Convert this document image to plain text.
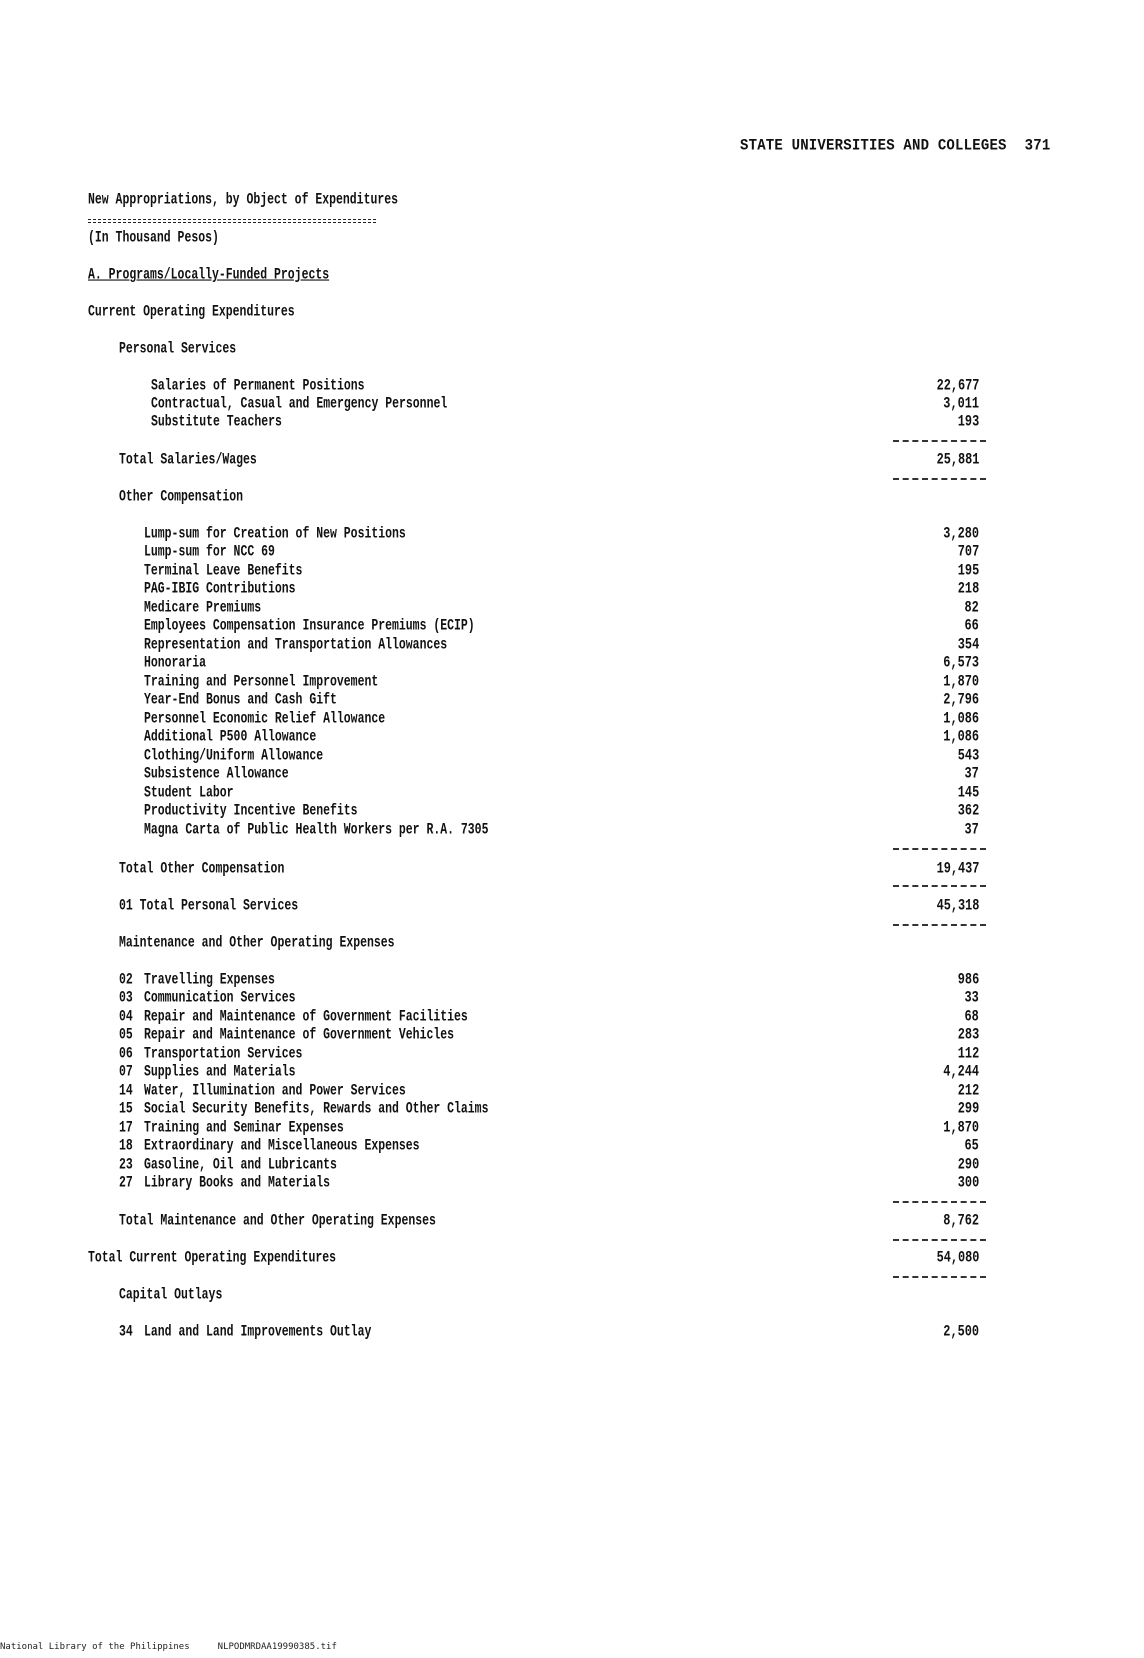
STATE UNIVERSITIES AND COLLEGES 371
New Appropriations, by Object of Expenditures
(In Thousand Pesos)
A. Programs/Locally-Funded Projects
Current Operating Expenditures
Personal Services
Salaries of Permanent Positions	22,677
Contractual, Casual and Emergency Personnel	3,011
Substitute Teachers	193
Total Salaries/Wages	25,881
Other Compensation
Lump-sum for Creation of New Positions	3,280
Lump-sum for NCC 69	707
Terminal Leave Benefits	195
PAG-IBIG Contributions	218
Medicare Premiums	82
Employees Compensation Insurance Premiums (ECIP)	66
Representation and Transportation Allowances	354
Honoraria	6,573
Training and Personnel Improvement	1,870
Year-End Bonus and Cash Gift	2,796
Personnel Economic Relief Allowance	1,086
Additional P500 Allowance	1,086
Clothing/Uniform Allowance	543
Subsistence Allowance	37
Student Labor	145
Productivity Incentive Benefits	362
Magna Carta of Public Health Workers per R.A. 7305	37
Total Other Compensation	19,437
01 Total Personal Services	45,318
Maintenance and Other Operating Expenses
02 Travelling Expenses	986
03 Communication Services	33
04 Repair and Maintenance of Government Facilities	68
05 Repair and Maintenance of Government Vehicles	283
06 Transportation Services	112
07 Supplies and Materials	4,244
14 Water, Illumination and Power Services	212
15 Social Security Benefits, Rewards and Other Claims	299
17 Training and Seminar Expenses	1,870
18 Extraordinary and Miscellaneous Expenses	65
23 Gasoline, Oil and Lubricants	290
27 Library Books and Materials	300
Total Maintenance and Other Operating Expenses	8,762
Total Current Operating Expenditures	54,080
Capital Outlays
34 Land and Land Improvements Outlay	2,500
National Library of the Philippines	NLPODMRDAA19990385.tif
